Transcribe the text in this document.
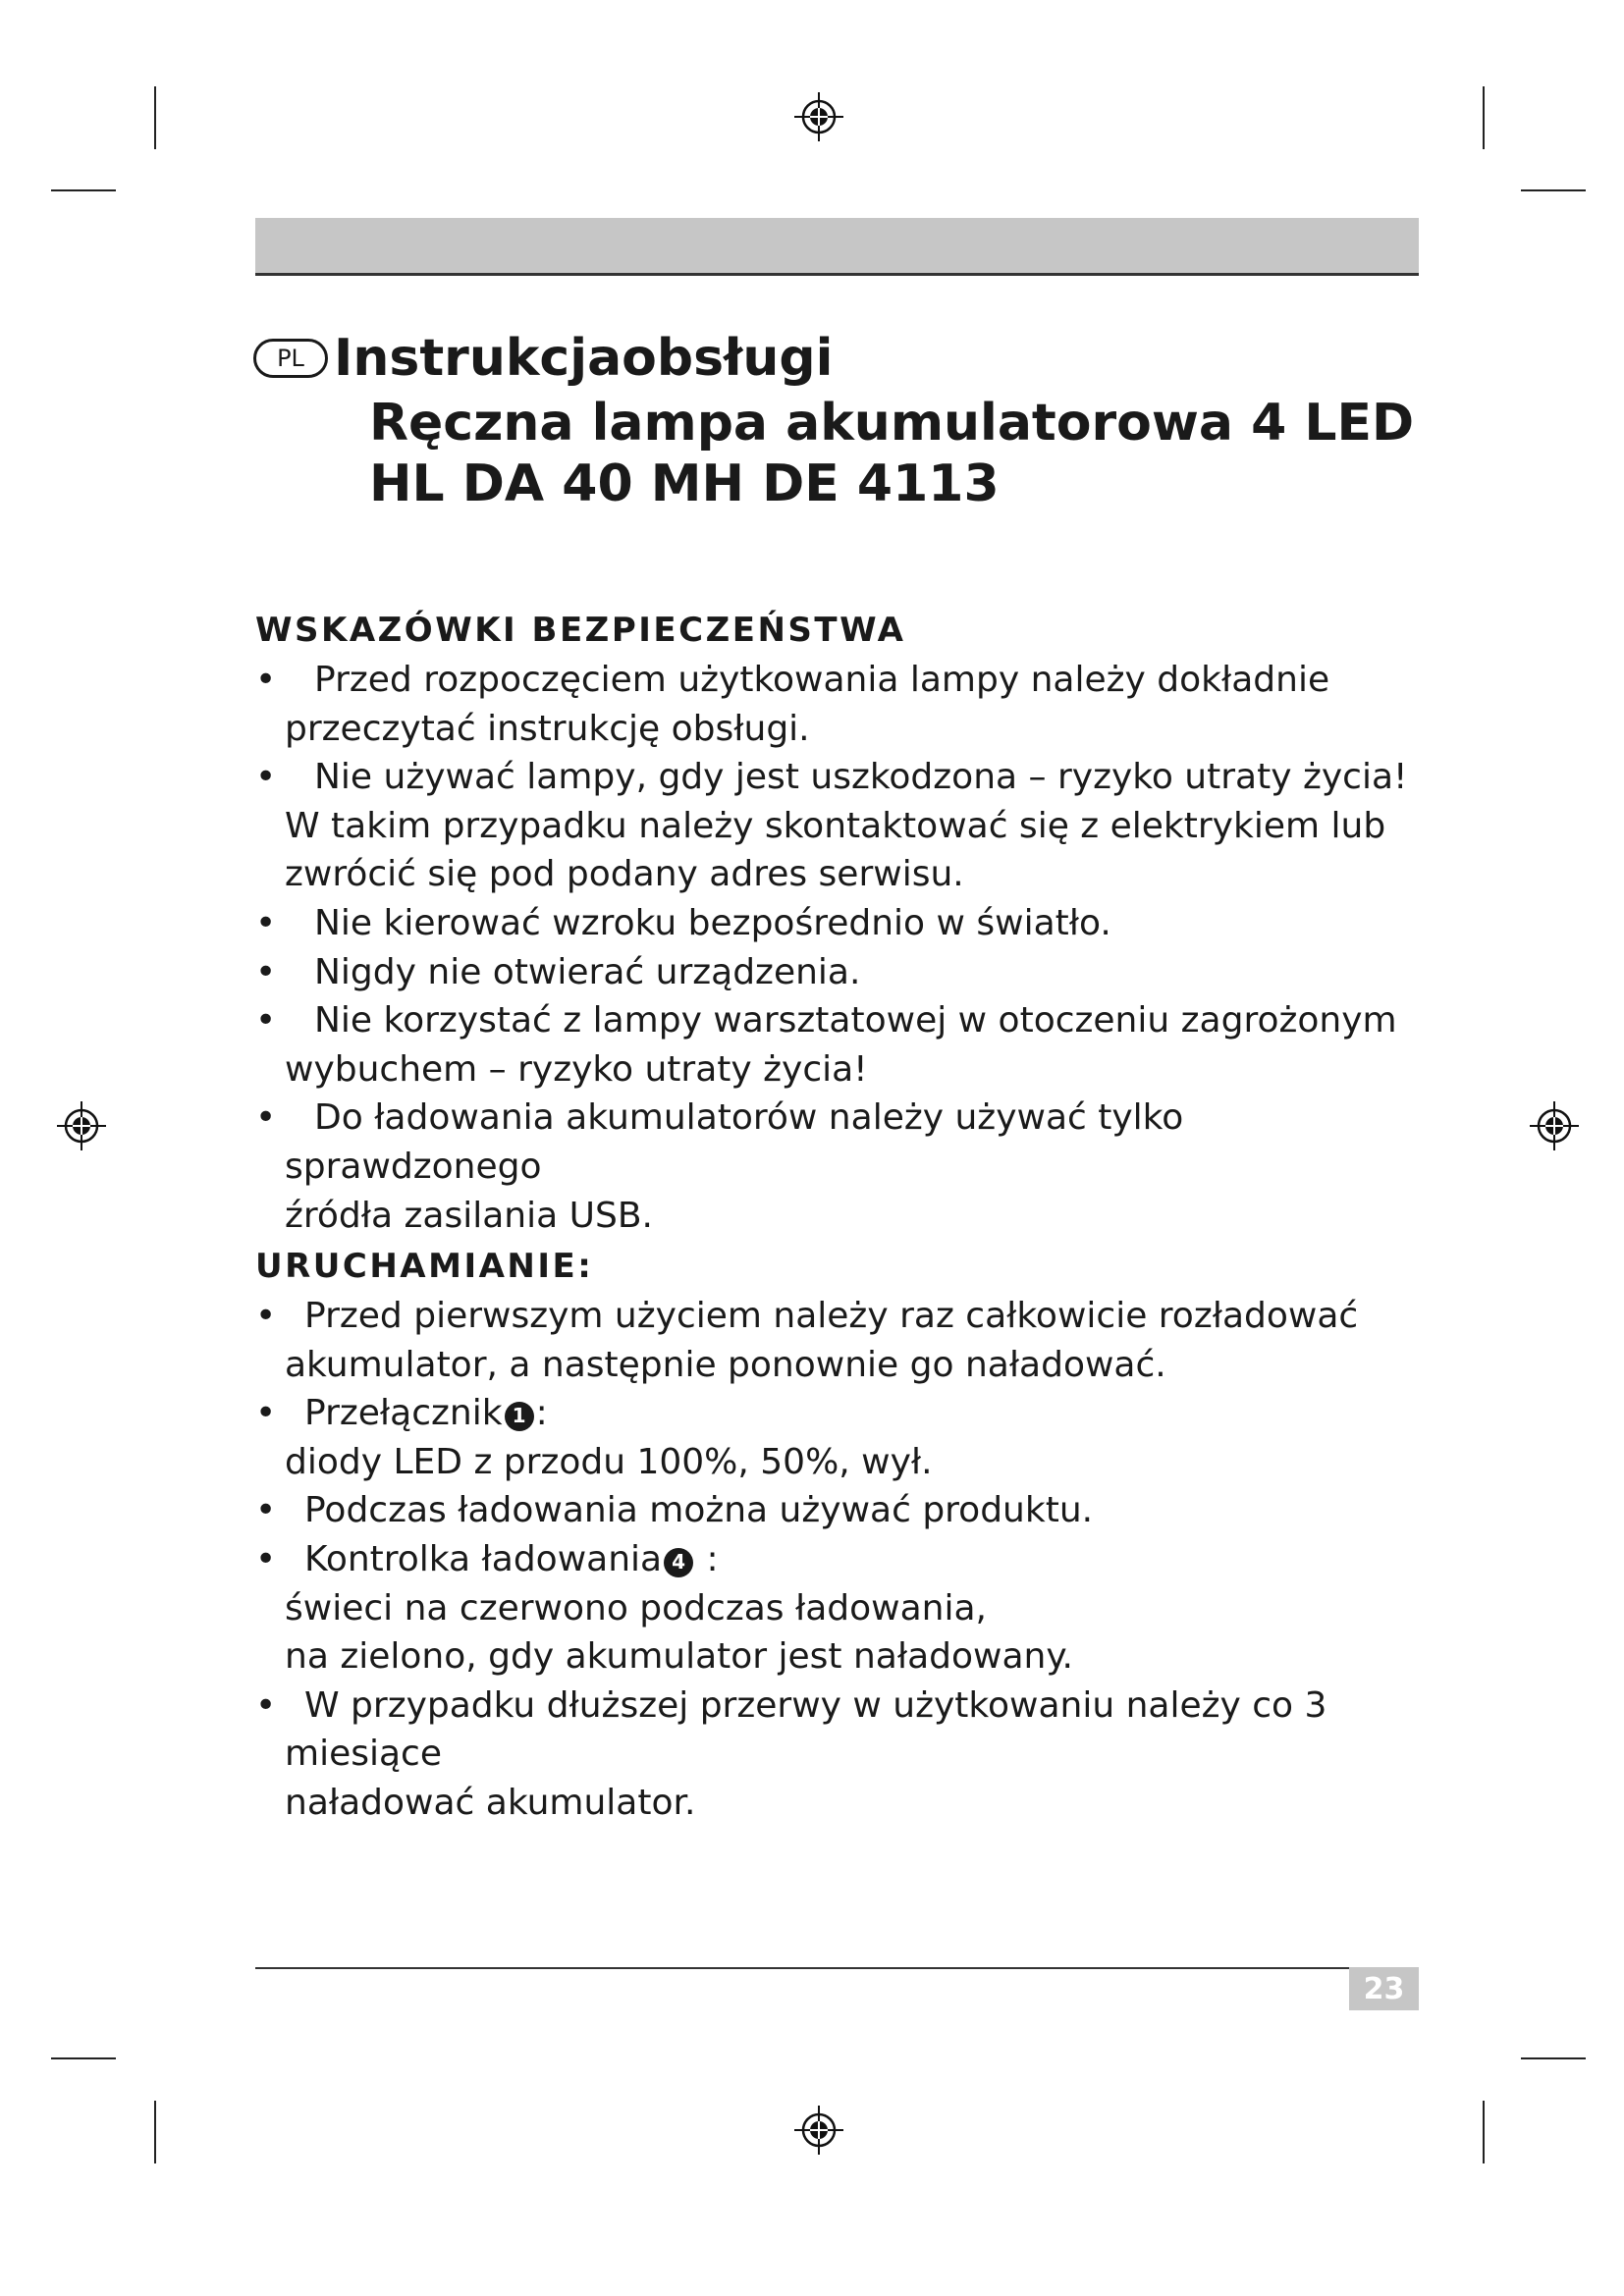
PL Instrukcjaobsługi
Ręczna lampa akumulatorowa 4 LED
HL DA 40 MH DE 4113
WSKAZÓWKI BEZPIECZEŃSTWA
• Przed rozpoczęciem użytkowania lampy należy dokładnie
przeczytać instrukcję obsługi.
• Nie używać lampy, gdy jest uszkodzona – ryzyko utraty życia!
W takim przypadku należy skontaktować się z elektrykiem lub
zwrócić się pod podany adres serwisu.
• Nie kierować wzroku bezpośrednio w światło.
• Nigdy nie otwierać urządzenia.
• Nie korzystać z lampy warsztatowej w otoczeniu zagrożonym
wybuchem – ryzyko utraty życia!
• Do ładowania akumulatorów należy używać tylko sprawdzonego
źródła zasilania USB.
URUCHAMIANIE:
• Przed pierwszym użyciem należy raz całkowicie rozładować
akumulator, a następnie ponownie go naładować.
• Przełącznik 1 :
diody LED z przodu 100%, 50%, wył.
• Podczas ładowania można używać produktu.
• Kontrolka ładowania 4 :
świeci na czerwono podczas ładowania,
na zielono, gdy akumulator jest naładowany.
• W przypadku dłuższej przerwy w użytkowaniu należy co 3 miesiące
naładować akumulator.
23
